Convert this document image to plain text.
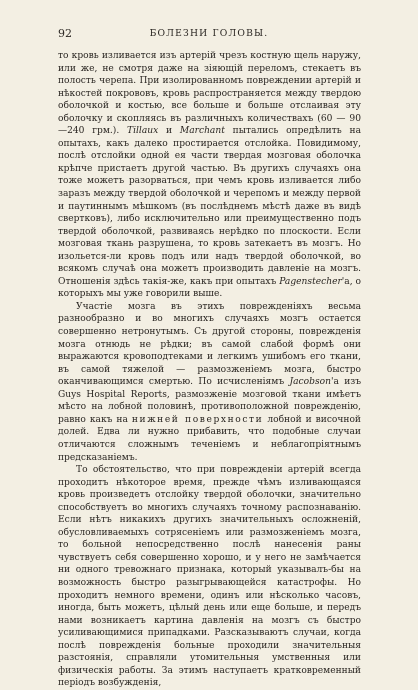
92	БОЛЕЗНИ ГОЛОВЫ.

то кровь изливается изъ артерій чрезъ костную щель наружу, или же, не смотря даже на зіяющій переломъ, стекаетъ въ полость черепа. При изолированномъ повреждении артерій и нѣкостей покрововъ, кровь распространяется между твердою оболочкой и костью, все больше и больше отслаивая эту оболочку и скопляясь въ различныхъ количествахъ (60 — 90—240 грм.). Tillaux и Marchant пытались опредѣлить на опытахъ, какъ далеко простирается отслойка. Повидимому, послѣ отслойки одной ея части твердая мозговая оболочка крѣпче пристаетъ другой частью. Въ другихъ случаяхъ она тоже можетъ разорваться, при чемъ кровь изливается либо заразъ между твердой оболочкой и черепомъ и между первой и паутиннымъ мѣшкомъ (въ послѣднемъ мѣстѣ даже въ видѣ свертковъ), либо исключительно или преимущественно подъ твердой оболочкой, развиваясь нерѣдко по плоскости. Если мозговая ткань разрушена, то кровь затекаетъ въ мозгъ. Но изольется-ли кровь подъ или надъ твердой оболочкой, во всякомъ случаѣ она можетъ производить давленіе на мозгъ. Отношенія здѣсь такія-же, какъ при опытахъ Pagenstecher'а, о которыхъ мы уже говорили выше.

Участіе мозга въ этихъ поврежденіяхъ весьма разнообразно и во многихъ случаяхъ мозгъ остается совершенно нетронутымъ. Съ другой стороны, поврежденія мозга отнюдь не рѣдки; въ самой слабой формѣ они выражаются кровоподтеками и легкимъ ушибомъ его ткани, въ самой тяжелой — размозженіемъ мозга, быстро оканчивающимся смертью. По исчисленіямъ Jacobson'а изъ Guys Hospital Reports, размозженіе мозговой ткани имѣетъ мѣсто на лобной половинѣ, противоположной поврежденію, равно какъ на нижней поверхности лобной и височной долей. Едва ли нужно прибавить, что подобные случаи отличаются сложнымъ теченіемъ и неблагопріятнымъ предсказаніемъ.

То обстоятельство, что при поврежденіи артерій всегда проходитъ нѣкоторое время, прежде чѣмъ изливающаяся кровь произведетъ отслойку твердой оболочки, значительно способствуетъ во многихъ случаяхъ точному распознаванію. Если нѣтъ никакихъ другихъ значительныхъ осложненій, обусловливаемыхъ сотрясеніемъ или размозженіемъ мозга, то больной непосредственно послѣ нанесенія раны чувствуетъ себя совершенно хорошо, и у него не замѣчается ни одного тревожнаго признака, который указывалъ-бы на возможность быстро разыгрывающейся катастрофы. Но проходитъ немного времени, одинъ или нѣсколько часовъ, иногда, быть можетъ, цѣлый день или еще больше, и передъ нами возникаетъ картина давленія на мозгъ съ быстро усиливающимися припадками. Разсказываютъ случаи, когда послѣ поврежденія больные проходили значительныя разстоянія, справляли утомительныя умственныя или физическія работы. За этимъ наступаетъ кратковременный періодъ возбужденія,
